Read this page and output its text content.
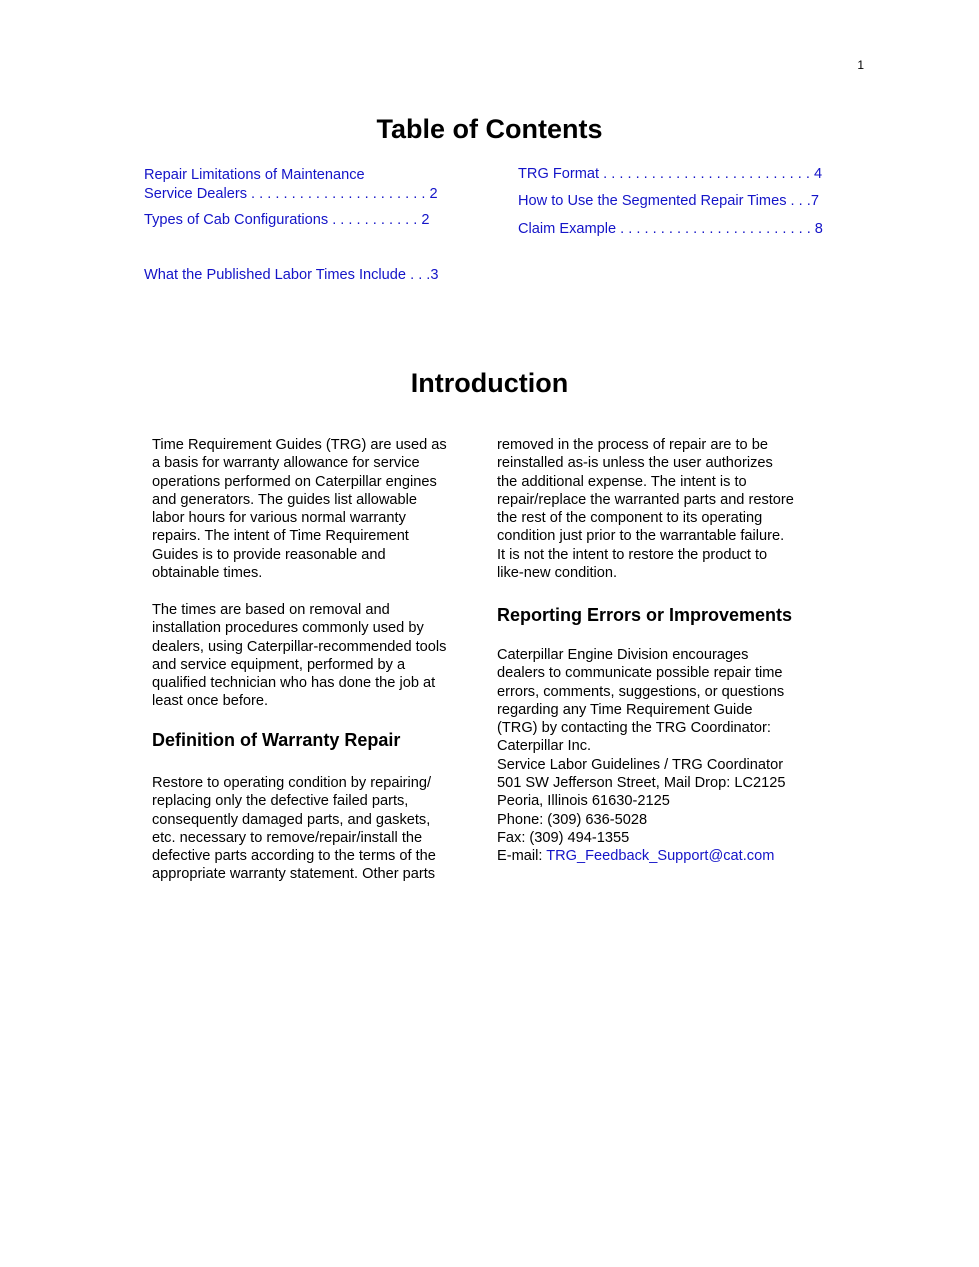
1
Table of Contents
Repair Limitations of Maintenance
Service Dealers . . . . . . . . . . . . . . . . . . . . . . 2
Types of Cab Configurations . . . . . . . . . . . 2
What the Published Labor Times Include . . .3
TRG Format . . . . . . . . . . . . . . . . . . . . . . . . . . 4
How to Use the Segmented Repair Times . . .7
Claim Example . . . . . . . . . . . . . . . . . . . . . . . . 8
Introduction
Time Requirement Guides (TRG) are used as
a basis for warranty allowance for service
operations performed on Caterpillar engines
and generators. The guides list allowable
labor hours for various normal warranty
repairs. The intent of Time Requirement
Guides is to provide reasonable and
obtainable times.
The times are based on removal and
installation procedures commonly used by
dealers, using Caterpillar-recommended tools
and service equipment, performed by a
qualified technician who has done the job at
least once before.
Definition of Warranty Repair
Restore to operating condition by repairing/
replacing only the defective failed parts,
consequently damaged parts, and gaskets,
etc. necessary to remove/repair/install the
defective parts according to the terms of the
appropriate warranty statement. Other parts
removed in the process of repair are to be
reinstalled as-is unless the user authorizes
the additional expense. The intent is to
repair/replace the warranted parts and restore
the rest of the component to its operating
condition just prior to the warrantable failure.
It is not the intent to restore the product to
like-new condition.
Reporting Errors or Improvements
Caterpillar Engine Division encourages
dealers to communicate possible repair time
errors, comments, suggestions, or questions
regarding any Time Requirement Guide
(TRG) by contacting the TRG Coordinator:
Caterpillar Inc.
Service Labor Guidelines / TRG Coordinator
501 SW Jefferson Street, Mail Drop: LC2125
Peoria, Illinois 61630-2125
Phone: (309) 636-5028
Fax: (309) 494-1355
E-mail: TRG_Feedback_Support@cat.com
